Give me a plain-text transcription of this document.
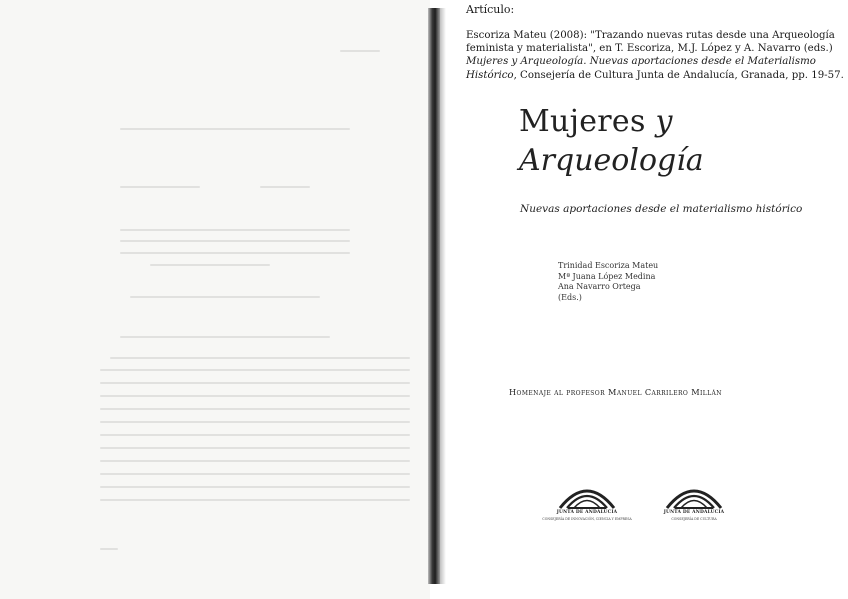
Artículo:
Escoriza Mateu (2008): "Trazando nuevas rutas desde una Arqueología feminista y materialista", en T. Escoriza, M.J. López y A. Navarro (eds.) Mujeres y Arqueología. Nuevas aportaciones desde el Materialismo Histórico, Consejería de Cultura Junta de Andalucía, Granada, pp. 19-57.
Mujeres y
Arqueología
Nuevas aportaciones desde el materialismo histórico
Trinidad Escoriza Mateu
Mª Juana López Medina
Ana Navarro Ortega
(Eds.)
Homenaje al profesor Manuel Carrilero Millán
JUNTA DE ANDALUCIA
CONSEJERÍA DE INNOVACIÓN, CIENCIA Y EMPRESA
JUNTA DE ANDALUCIA
CONSEJERÍA DE CULTURA
